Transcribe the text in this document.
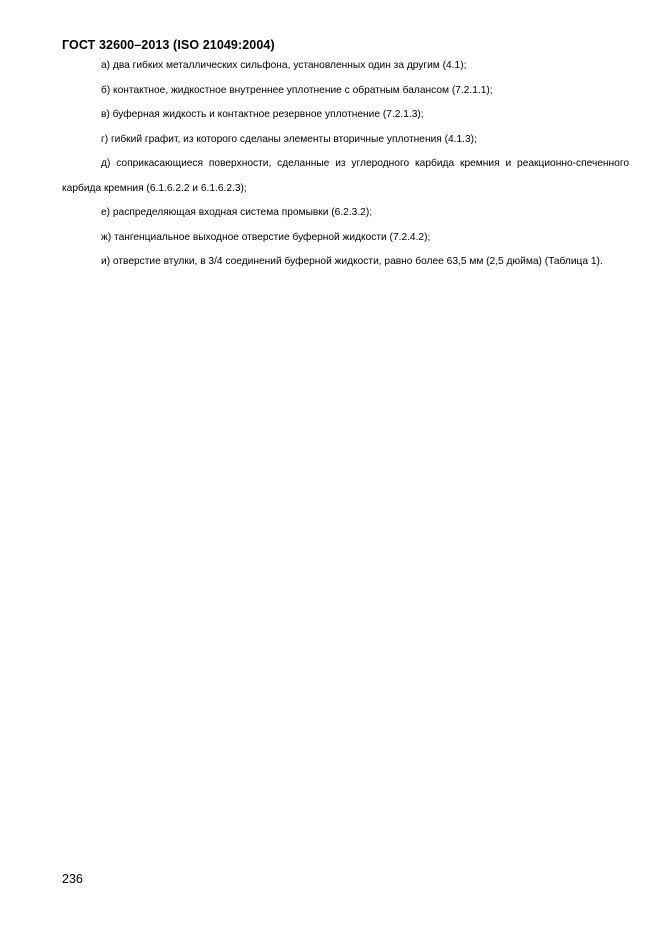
ГОСТ 32600–2013 (ISO 21049:2004)

а) два гибких металлических сильфона, установленных один за другим (4.1);

б) контактное, жидкостное внутреннее уплотнение с обратным балансом (7.2.1.1);

в) буферная жидкость и контактное резервное уплотнение (7.2.1.3);

г) гибкий графит, из которого сделаны элементы вторичные уплотнения (4.1.3);

д) соприкасающиеся поверхности, сделанные из углеродного карбида кремния и реакционно-спеченного карбида кремния (6.1.6.2.2 и 6.1.6.2.3);

е) распределяющая входная система промывки (6.2.3.2);

ж) тангенциальное выходное отверстие буферной жидкости (7.2.4.2);

и) отверстие втулки, в 3/4 соединений буферной жидкости, равно более 63,5 мм (2,5 дюйма) (Таблица 1).

236
